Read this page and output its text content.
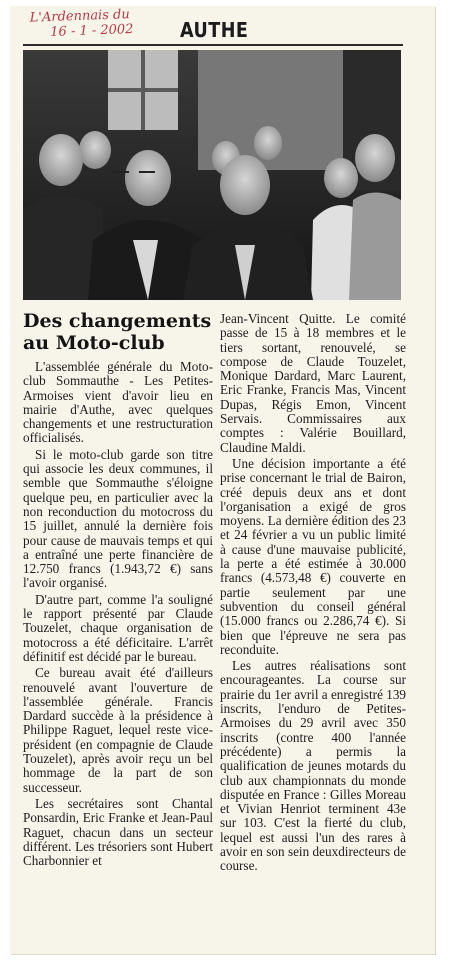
L'Ardennais du
16 - 1 - 2002	AUTHE
Des changements au Moto-club

L'assemblée générale du Moto-club Sommauthe - Les Petites-Armoises vient d'avoir lieu en mairie d'Authe, avec quelques changements et une restructuration officialisés.

Si le moto-club garde son titre qui associe les deux communes, il semble que Sommauthe s'éloigne quelque peu, en particulier avec la non reconduction du motocross du 15 juillet, annulé la dernière fois pour cause de mauvais temps et qui a entraîné une perte financière de 12.750 francs (1.943,72 €) sans l'avoir organisé.

D'autre part, comme l'a souligné le rapport présenté par Claude Touzelet, chaque organisation de motocross a été déficitaire. L'arrêt définitif est décidé par le bureau.

Ce bureau avait été d'ailleurs renouvelé avant l'ouverture de l'assemblée générale. Francis Dardard succède à la présidence à Philippe Raguet, lequel reste vice-président (en compagnie de Claude Touzelet), après avoir reçu un bel hommage de la part de son successeur.

Les secrétaires sont Chantal Ponsardin, Eric Franke et Jean-Paul Raguet, chacun dans un secteur différent. Les trésoriers sont Hubert Charbonnier et

Jean-Vincent Quitte. Le comité passe de 15 à 18 membres et le tiers sortant, renouvelé, se compose de Claude Touzelet, Monique Dardard, Marc Laurent, Eric Franke, Francis Mas, Vincent Dupas, Régis Emon, Vincent Servais. Commissaires aux comptes : Valérie Bouillard, Claudine Maldi.

Une décision importante a été prise concernant le trial de Bairon, créé depuis deux ans et dont l'organisation a exigé de gros moyens. La dernière édition des 23 et 24 février a vu un public limité à cause d'une mauvaise publicité, la perte a été estimée à 30.000 francs (4.573,48 €) couverte en partie seulement par une subvention du conseil général (15.000 francs ou 2.286,74 €). Si bien que l'épreuve ne sera pas reconduite.

Les autres réalisations sont encourageantes. La course sur prairie du 1er avril a enregistré 139 inscrits, l'enduro de Petites-Armoises du 29 avril avec 350 inscrits (contre 400 l'année précédente) a permis la qualification de jeunes motards du club aux championnats du monde disputée en France : Gilles Moreau et Vivian Henriot terminent 43e sur 103. C'est la fierté du club, lequel est aussi l'un des rares à avoir en son sein deuxdirecteurs de course.
